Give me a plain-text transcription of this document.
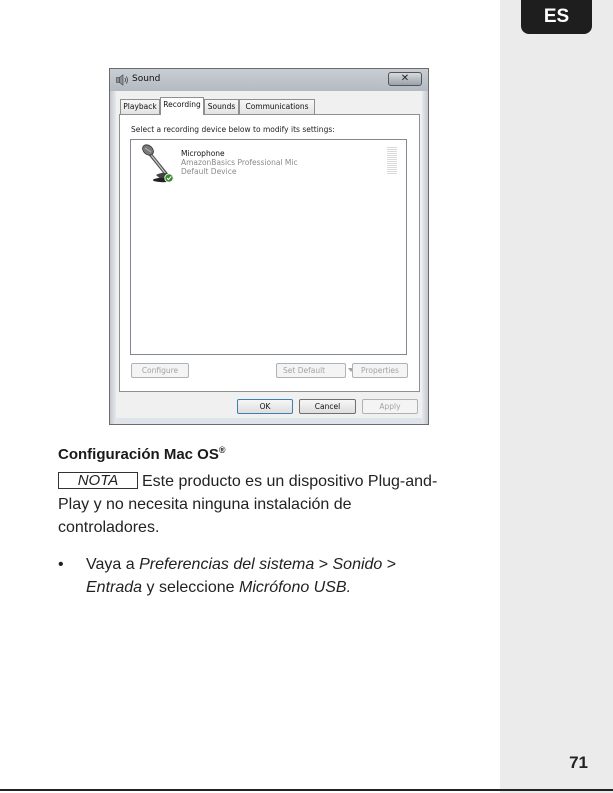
ES
Sound	✕
Playback Recording Sounds	Communications
Select a recording device below to modify its settings:
Microphone
AmazonBasics Professional Mic
Default Device
Configure	Set Default	Properties
OK	Cancel	Apply
Configuración Mac OS®
NOTA Este producto es un dispositivo Plug-and-Play y no necesita ninguna instalación de controladores.
• Vaya a Preferencias del sistema > Sonido > Entrada y seleccione Micrófono USB.
71
